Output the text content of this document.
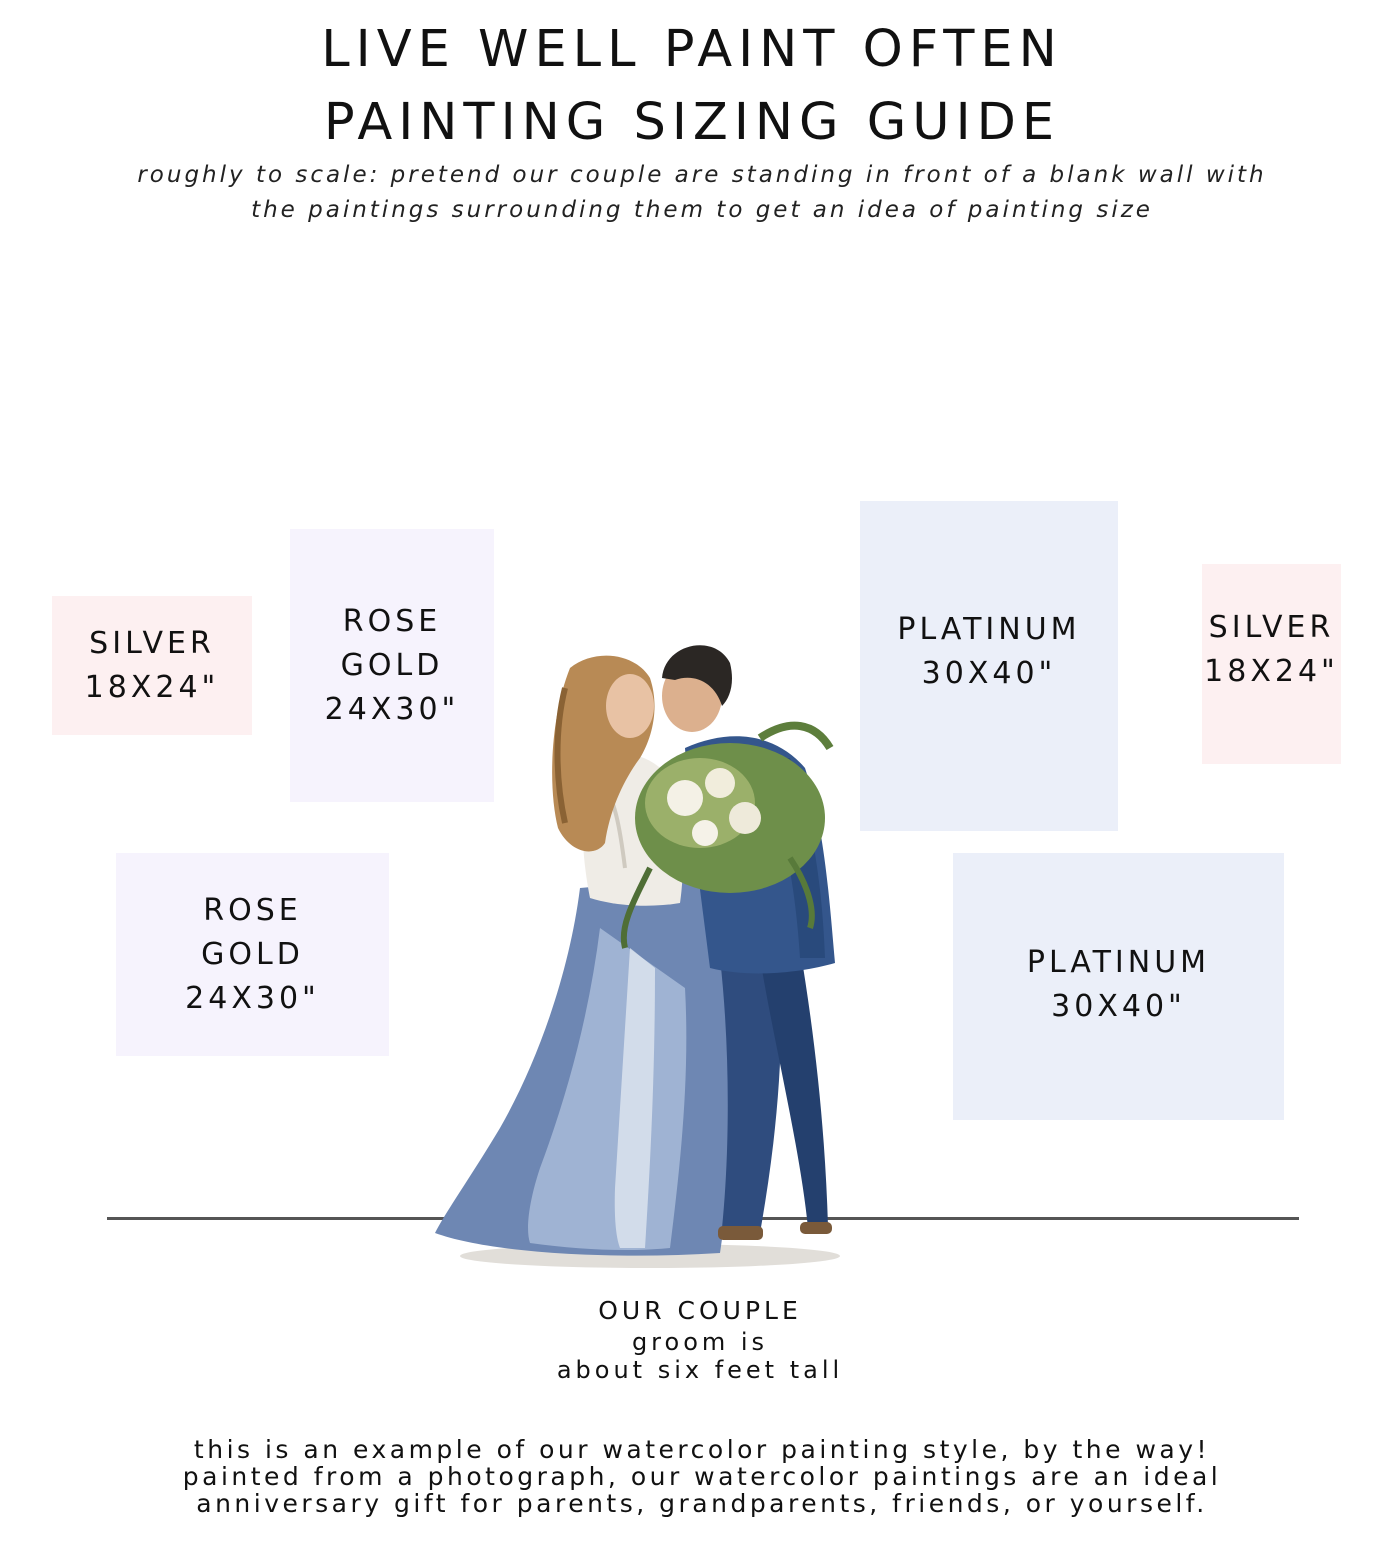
LIVE WELL PAINT OFTEN
PAINTING SIZING GUIDE
roughly to scale: pretend our couple are standing in front of a blank wall with
the paintings surrounding them to get an idea of painting size
SILVER
18X24"
ROSE
GOLD
24X30"
ROSE
GOLD
24X30"
PLATINUM
30X40"
SILVER
18X24"
PLATINUM
30X40"
OUR COUPLE
groom is
about six feet tall
this is an example of our watercolor painting style, by the way!
painted from a photograph, our watercolor paintings are an ideal
anniversary gift for parents, grandparents, friends, or yourself.
